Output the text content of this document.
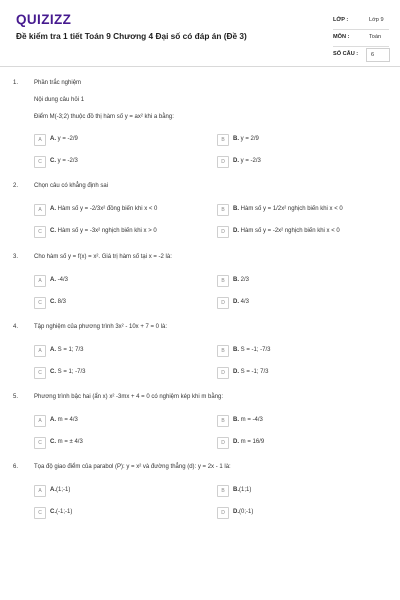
QUIZIZZ
Đề kiểm tra 1 tiết Toán 9 Chương 4 Đại số có đáp án (Đề 3)
LỚP :	Lớp 9
MÔN :	Toán
SỐ CÂU :	6
1.	Phần trắc nghiệm
Nội dung câu hỏi 1
Điểm M(-3;2) thuộc đồ thị hàm số y = ax² khi a bằng:
A	A. y = -2/9	B	B. y = 2/9
C	C. y = -2/3	D	D. y = -2/3
2.	Chọn câu có khẳng định sai
A	A. Hàm số y = -2/3x² đồng biến khi x < 0	B	B. Hàm số y = 1/2x² nghịch biến khi x < 0
C	C. Hàm số y = -3x² nghịch biến khi x > 0	D	D. Hàm số y = -2x² nghịch biến khi x < 0
3.	Cho hàm số y = f(x) = x². Giá trị hàm số tại x = -2 là:
A	A. -4/3	B	B. 2/3
C	C. 8/3	D	D. 4/3
4.	Tập nghiệm của phương trình 3x² - 10x + 7 = 0 là:
A	A. S = 1; 7/3	B	B. S = -1; -7/3
C	C. S = 1; -7/3	D	D. S = -1; 7/3
5.	Phương trình bậc hai (ẩn x) x² -3mx + 4 = 0 có nghiệm kép khi m bằng:
A	A. m = 4/3	B	B. m = -4/3
C	C. m = ± 4/3	D	D. m = 16/9
6.	Tọa độ giao điểm của parabol (P): y = x² và đường thẳng (d): y = 2x - 1 là:
A	A.(1;-1)	B	B.(1;1)
C	C.(-1;-1)	D	D.(0;-1)
